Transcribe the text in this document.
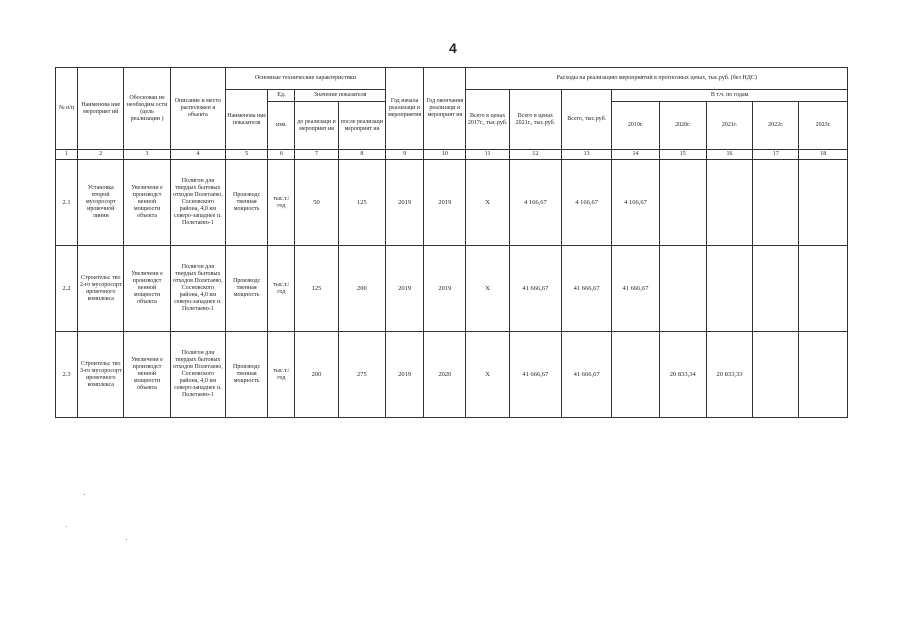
4
№ п/п	Наименова ние мероприят ий	Обоснован ие необходим ости (цель реализации )	Описание и место расположен я объекта	Основные технические характеристики				Год начала реализаци и мероприятия	Год окончания реализаци и мероприят ия	Расходы на реализацию мероприятий в прогнозных ценах, тыс.руб. (без НДС)							
				Наименова ние показателя	Ед.	Значение показателя				Всего в ценах 2017г., тыс.руб.	Всего в ценах 2021г., тыс.руб.	Всего, тыс.руб.	В т.ч. по годам				
					изм.	до реализаци и мероприят ия	после реализаци мероприят ия						2019г.	2020г.	2021г.	2022г.	2023г.

1	2	3	4	5	6	7	8	9	10	11	12	13	14	15	16	17	18
2.1	Установка второй мусоросорт ировочной линии	Увеличени е производст венной мощности объекта	Полигон для твердых бытовых отходов Полетаево, Сосновского района, 4,0 км северо-западнее п. Полетаево-1	Производс твенная мощность	тыс.т./ год	50	125	2019	2019	X	4 166,67	4 166,67	4 166,67				
2.2	Строительс тво 2-го мусоросорт ировочного комплекса	Увеличени е производст венной мощности объекта	Полигон для твердых бытовых отходов Полетаево, Сосновского района, 4,0 км северо-западнее п. Полетаево-1	Производс твенная мощность	тыс.т./ год	125	200	2019	2019	X	41 666,67	41 666,67	41 666,67				
2.3	Строительс тво 3-го мусоросорт ировочного комплекса	Увеличени е производст венной мощности объекта	Полигон для твердых бытовых отходов Полетаево, Сосновского района, 4,0 км северо-западнее п. Полетаево-1	Производс твенная мощность	тыс.т./ год	200	275	2019	2020	X	41 666,67	41 666,67		20 833,34	20 833,33		
